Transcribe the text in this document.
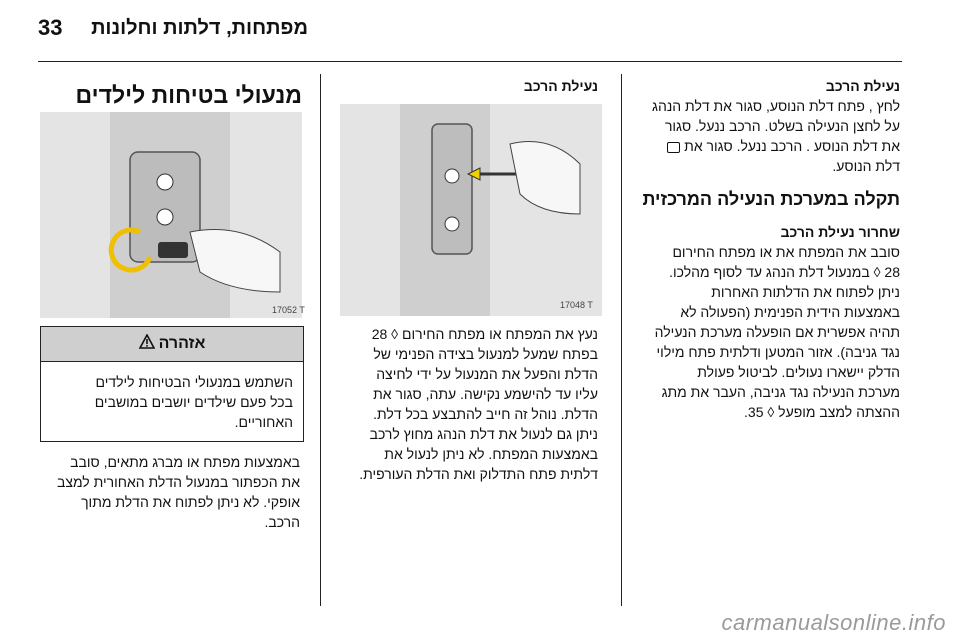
מפתחות, דלתות וחלונות
33

נעילת הרכב

לחץ , פתח דלת הנוסע, סגור את דלת הנהג

על לחצן הנעילה בשלט. הרכב ננעל. סגור

את דלת הנוסע . הרכב ננעל. סגור את

דלת הנוסע.

תקלה במערכת הנעילה המרכזית

שחרור נעילת הרכב

סובב את המפתח את או מפתח החירום

28 ◊ במנעול דלת הנהג עד לסוף מהלכו.

ניתן לפתוח את הדלתות האחרות

באמצעות הידית הפנימית (הפעולה לא

תהיה אפשרית אם הופעלה מערכת הנעילה

נגד גניבה). אזור המטען ודלתית פתח מילוי

הדלק יישארו נעולים. לביטול פעולת

מערכת הנעילה נגד גניבה, העבר את מתג

ההצתה למצב מופעל ◊ 35.

נעילת הרכב

17048 T

נעץ את המפתח או מפתח החירום ◊ 28

בפתח שמעל למנעול בצידה הפנימי של

הדלת והפעל את המנעול על ידי לחיצה

עליו עד להישמע נקישה. עתה, סגור את

הדלת. נוהל זה חייב להתבצע בכל דלת.

ניתן גם לנעול את דלת הנהג מחוץ לרכב

באמצעות המפתח. לא ניתן לנעול את

דלתית פתח התדלוק ואת הדלת העורפית.

מנעולי בטיחות לילדים
17052 T
אזהרה

השתמש במנעולי הבטיחות לילדים

בכל פעם שילדים יושבים במושבים

האחוריים.

באמצעות מפתח או מברג מתאים, סובב

את הכפתור במנעול הדלת האחורית למצב

אופקי. לא ניתן לפתוח את הדלת מתוך

הרכב.

carmanualsonline.info
